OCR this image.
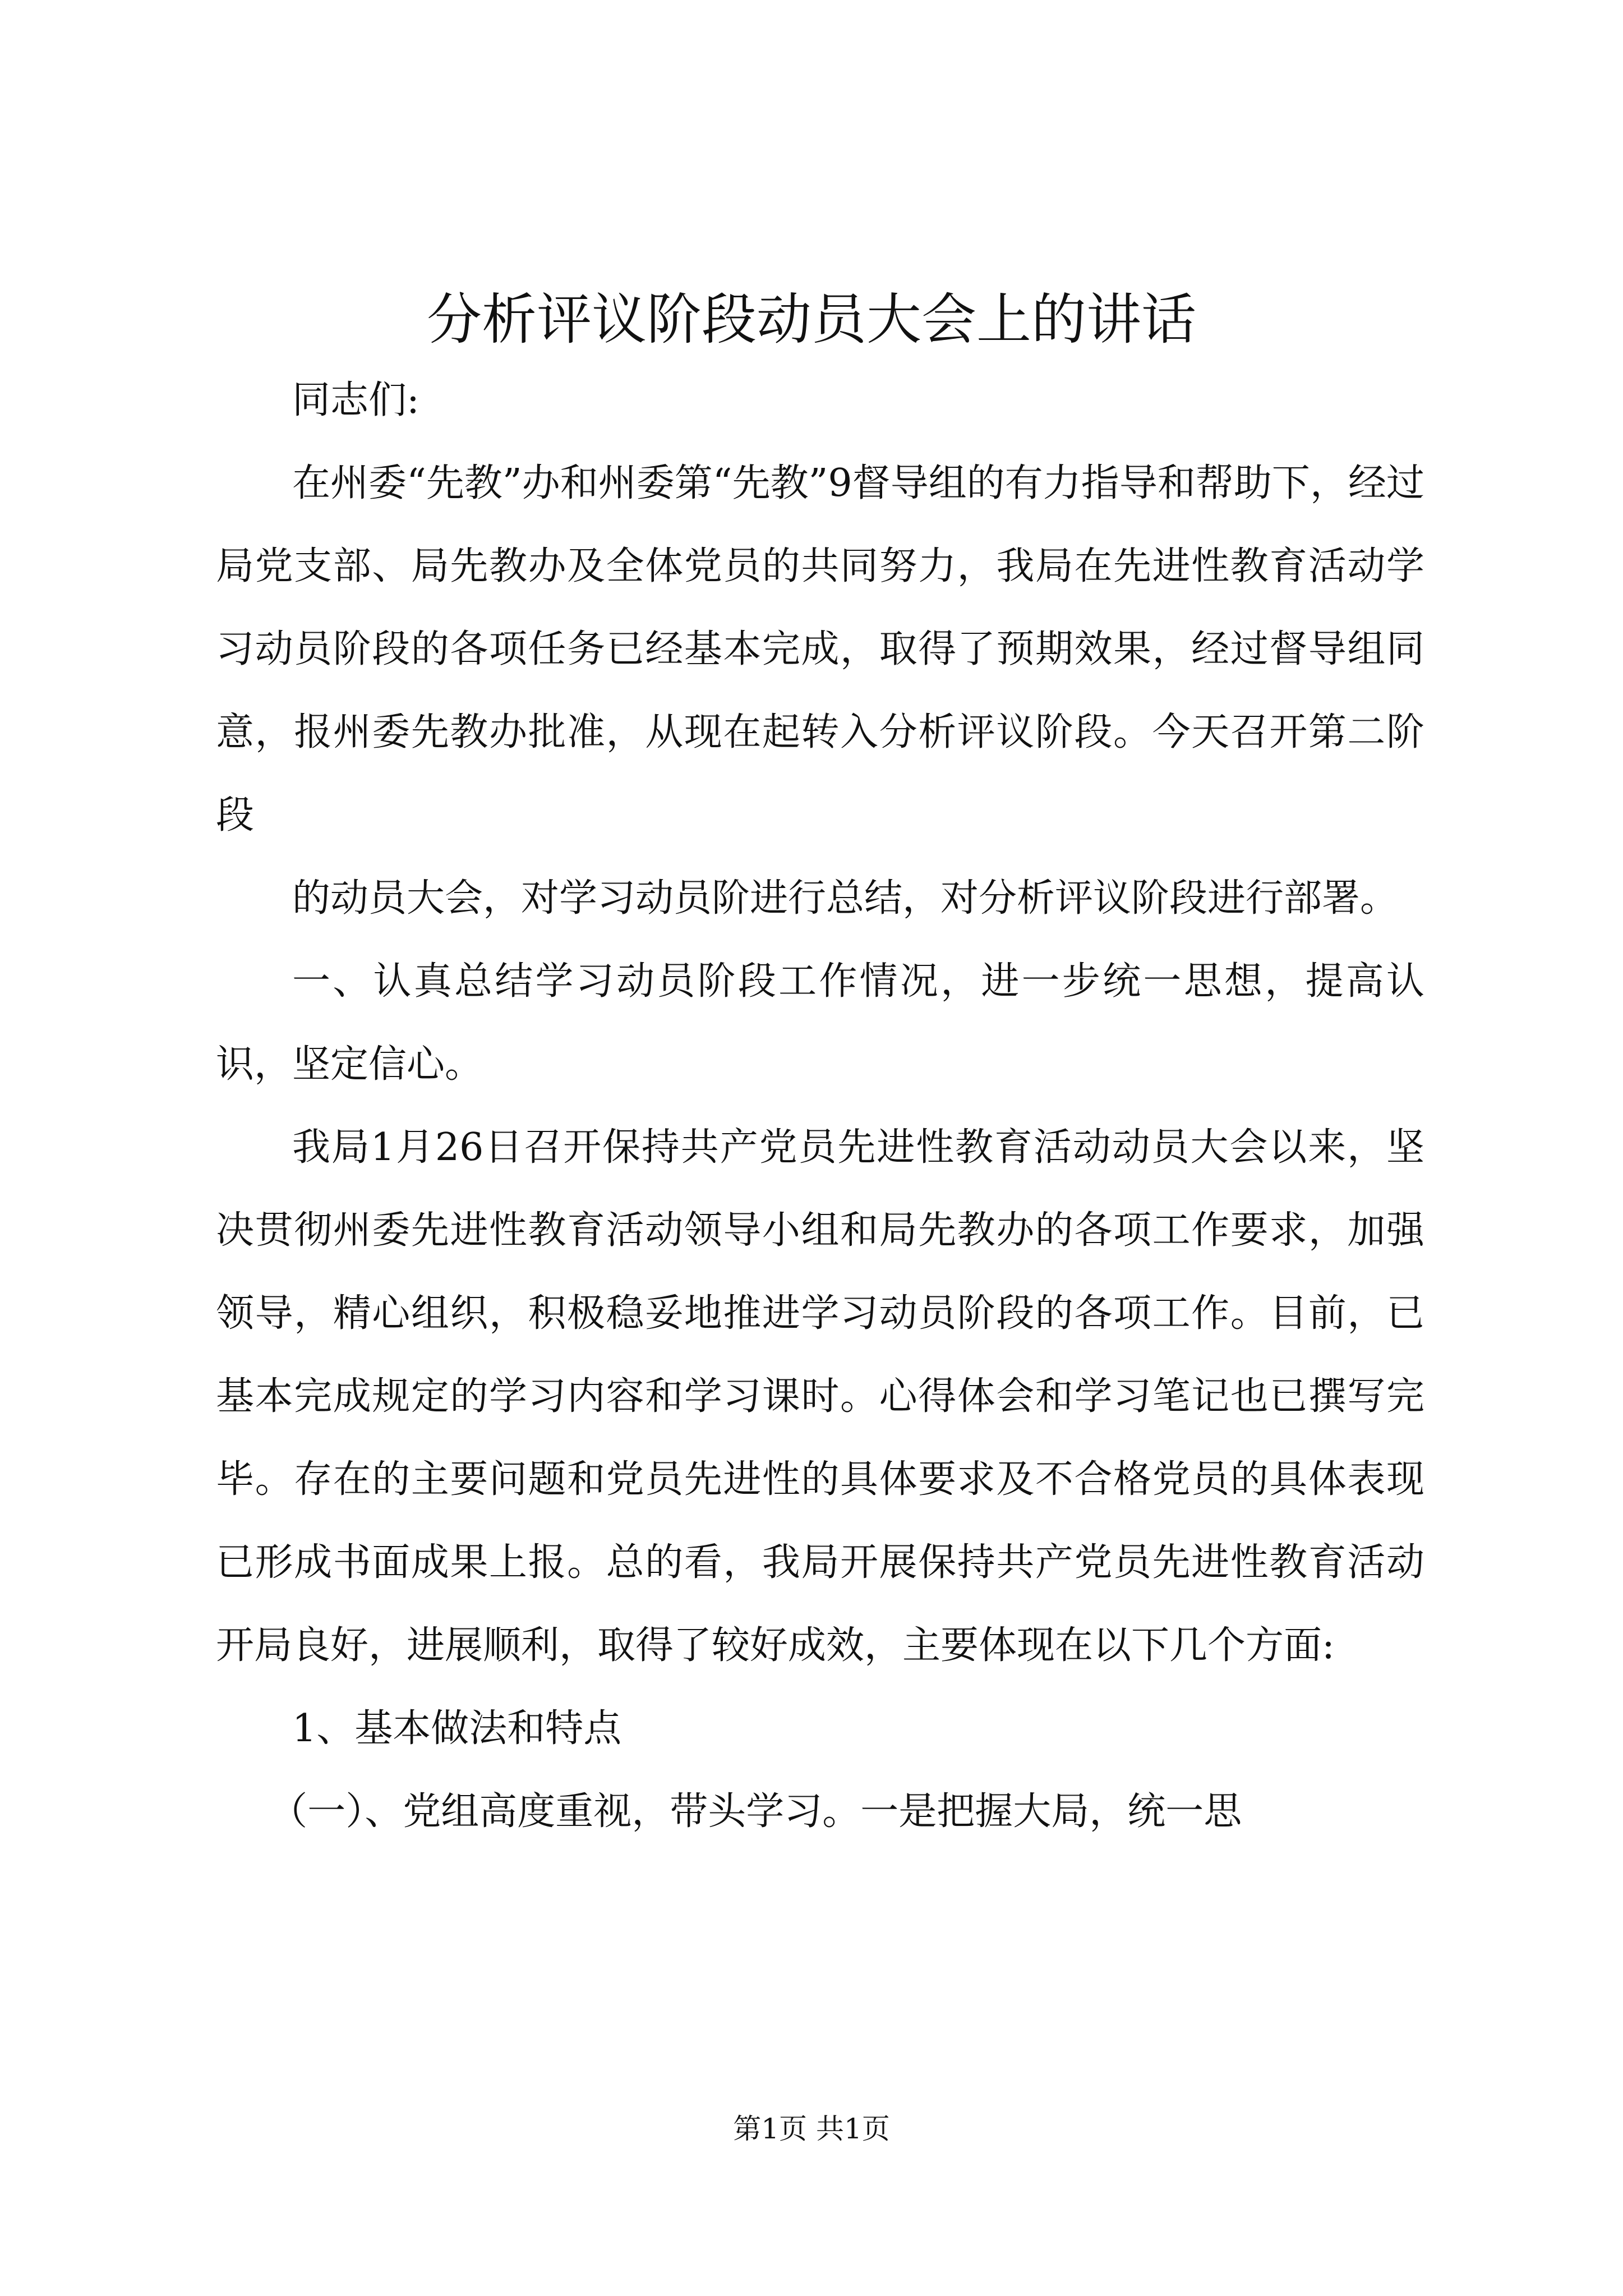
分析评议阶段动员大会上的讲话

同志们:

在州委“先教”办和州委第“先教”9督导组的有力指导和帮助下，经过局党支部、局先教办及全体党员的共同努力，我局在先进性教育活动学习动员阶段的各项任务已经基本完成，取得了预期效果，经过督导组同意，报州委先教办批准，从现在起转入分析评议阶段。今天召开第二阶段

的动员大会，对学习动员阶进行总结，对分析评议阶段进行部署。

一、认真总结学习动员阶段工作情况，进一步统一思想，提高认识，坚定信心。

我局1月26日召开保持共产党员先进性教育活动动员大会以来，坚决贯彻州委先进性教育活动领导小组和局先教办的各项工作要求，加强领导，精心组织，积极稳妥地推进学习动员阶段的各项工作。目前，已基本完成规定的学习内容和学习课时。心得体会和学习笔记也已撰写完毕。存在的主要问题和党员先进性的具体要求及不合格党员的具体表现已形成书面成果上报。总的看，我局开展保持共产党员先进性教育活动开局良好，进展顺利，取得了较好成效，主要体现在以下几个方面:

1、基本做法和特点

（一）、党组高度重视，带头学习。一是把握大局，统一思

第1页 共1页
